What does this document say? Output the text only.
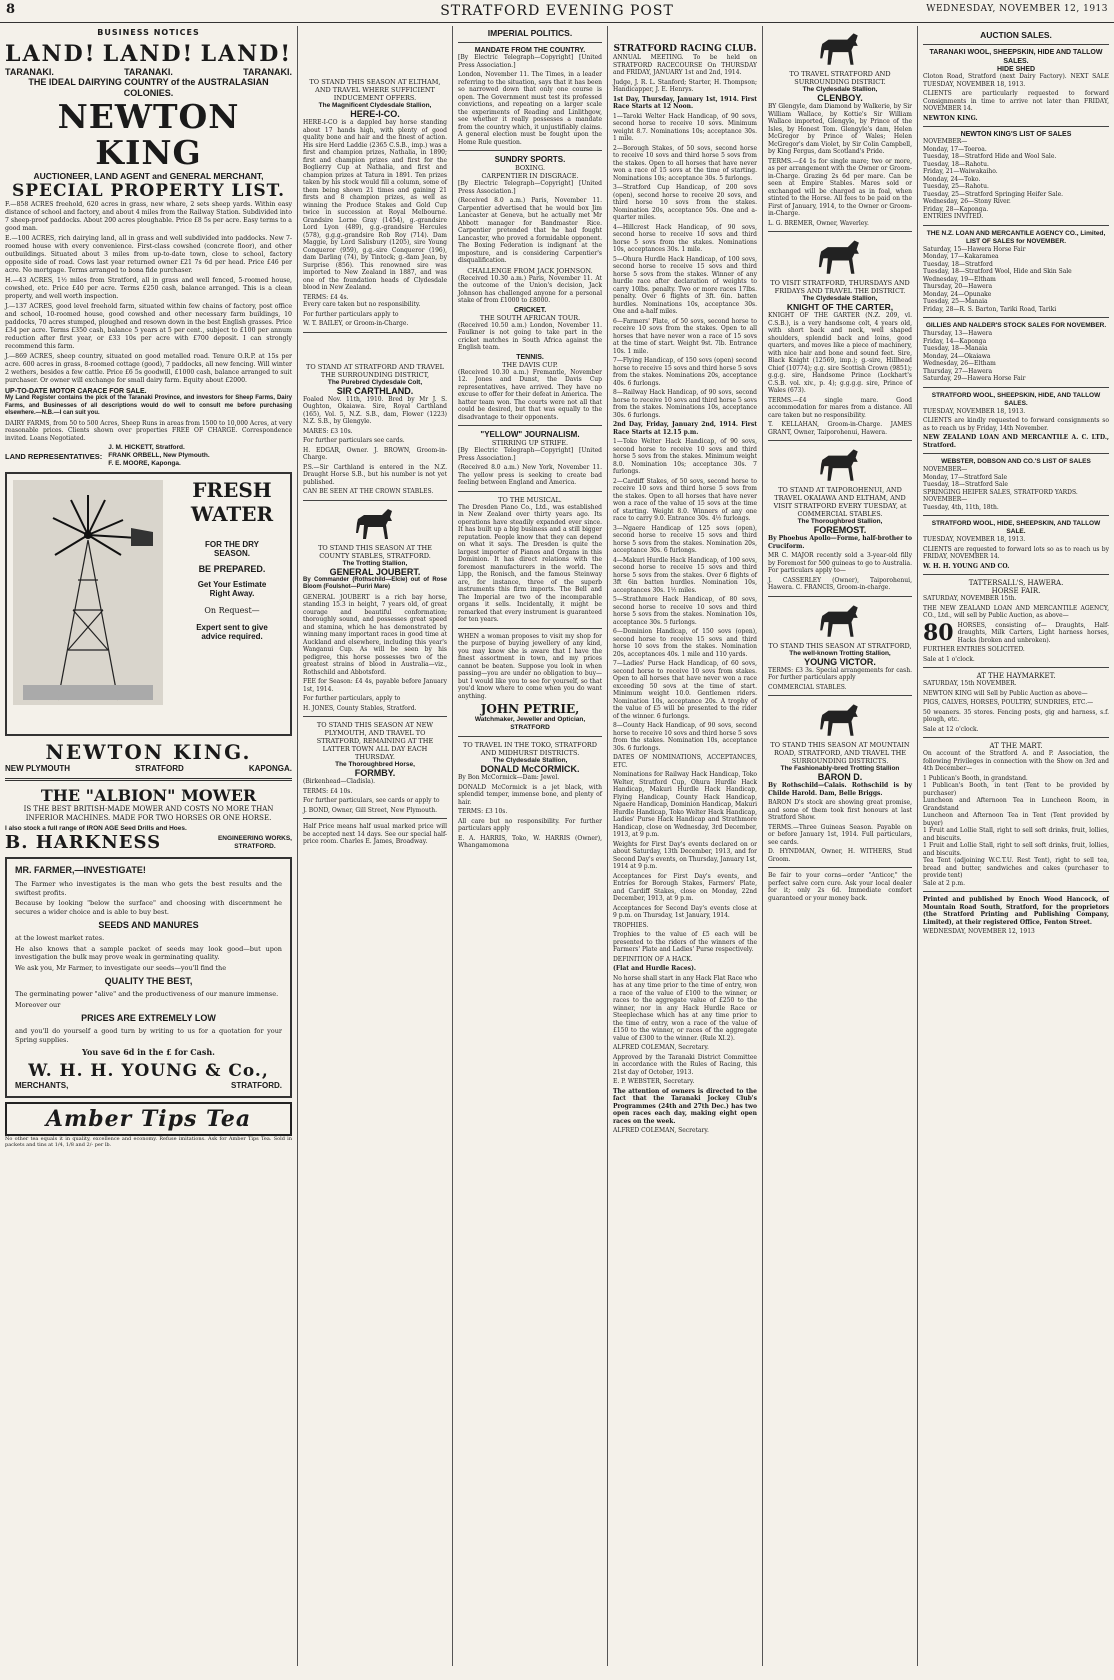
8	STRATFORD EVENING POST	WEDNESDAY, NOVEMBER 12, 1913
BUSINESS NOTICES
LAND! LAND! LAND!
TARANAKI.	TARANAKI.	TARANAKI.
THE IDEAL DAIRYING COUNTRY of the AUSTRALASIAN COLONIES.
NEWTON KING
AUCTIONEER, LAND AGENT and GENERAL MERCHANT,
SPECIAL PROPERTY LIST.

F.—858 ACRES freehold, 620 acres in grass, new whare, 2 sets sheep yards. Within easy distance of school and factory, and about 4 miles from the Railway Station. Subdivided into 7 sheep-proof paddocks. About 200 acres ploughable. Price £8 5s per acre. Easy terms to a good man.

E.—100 ACRES, rich dairying land, all in grass and well subdivided into paddocks. New 7-roomed house with every convenience. First-class cowshed (concrete floor), and other outbuildings. Situated about 3 miles from up-to-date town, close to school, factory opposite side of road. Cows last year returned owner £21 7s 6d per head. Price £46 per acre. No mortgage. Terms arranged to bona fide purchaser.

H.—43 ACRES, 1½ miles from Stratford, all in grass and well fenced, 5-roomed house, cowshed, etc. Price £40 per acre. Terms £250 cash, balance arranged. This is a clean property, and well worth inspection.

J.—137 ACRES, good level freehold farm, situated within few chains of factory, post office and school, 10-roomed house, good cowshed and other necessary farm buildings, 10 paddocks, 70 acres stumped, ploughed and resown down in the best English grasses. Price £34 per acre. Terms £350 cash, balance 5 years at 5 per cent., subject to £100 per annum reduction after first year, or £33 10s per acre with £700 deposit. I can strongly recommend this farm.

J.—869 ACRES, sheep country, situated on good metalled road. Tenure O.R.P. at 15s per acre. 600 acres in grass, 8-roomed cottage (good), 7 paddocks, all new fencing. Will winter 2 wethers, besides a few cattle. Price £6 5s goodwill, £1000 cash, balance arranged to suit purchaser. Or owner will exchange for small dairy farm. Equity about £2000.

UP-TO-DATE MOTOR CARACE FOR SALE.

My Land Register contains the pick of the Taranaki Province, and investors for Sheep Farms, Dairy Farms, and Businesses of all descriptions would do well to consult me before purchasing elsewhere.—N.B.—I can suit you.

DAIRY FARMS, from 50 to 500 Acres, Sheep Runs in areas from 1500 to 10,000 Acres, at very reasonable prices. Clients shown over properties FREE OF CHARGE. Correspondence invited. Loans Negotiated.

LAND REPRESENTATIVES:
J. M. HICKETT, Stratford.
FRANK ORBELL, New Plymouth.
F. E. MOORE, Kaponga.
FRESH
WATER
FOR THE DRY
SEASON.
BE PREPARED.
Get Your Estimate
Right Away.
On Request—
Expert sent to give
advice required.
NEWTON KING.
NEW PLYMOUTH	STRATFORD	KAPONGA.
THE "ALBION" MOWER

IS THE BEST BRITISH-MADE MOWER AND COSTS NO MORE THAN INFERIOR MACHINES. MADE FOR TWO HORSES OR ONE HORSE.

I also stock a full range of IRON AGE Seed Drills and Hoes.
B. HARKNESS	ENGINEERING WORKS,
STRATFORD.
MR. FARMER,—INVESTIGATE!

The Farmer who investigates is the man who gets the best results and the swiftest profits.

Because by looking "below the surface" and choosing with discernment he secures a wider choice and is able to buy best.

SEEDS AND MANURES

at the lowest market rates.

He also knows that a sample packet of seeds may look good—but upon investigation the bulk may prove weak in germinating quality.

We ask you, Mr Farmer, to investigate our seeds—you'll find the

QUALITY THE BEST,

The germinating power "alive" and the productiveness of our manure immense.

Moreover our

PRICES ARE EXTREMELY LOW

and you'll do yourself a good turn by writing to us for a quotation for your Spring supplies.

You save 6d in the £ for Cash.
W. H. H. YOUNG & Co.,
MERCHANTS,	STRATFORD.
Amber Tips Tea

No other tea equals it in quality, excellence and economy. Refuse imitations. Ask for Amber Tips Tea. Sold in packets and tins at 1/4, 1/8 and 2/- per lb.

TO STAND THIS SEASON AT ELTHAM, AND TRAVEL WHERE SUFFICIENT INDUCEMENT OFFERS.
The Magnificent Clydesdale Stallion,
HERE-I-CO.

HERE-I-CO is a dappled bay horse standing about 17 hands high, with plenty of good quality bone and hair and the finest of action. His sire Herd Laddie (2365 C.S.B., imp.) was a first and champion prizes, Nathalia, in 1890; first and champion prizes and first for the Boglierry Cup at Nathalia, and first and champion prizes at Tatura in 1891. Ten prizes taken by his stock would fill a column, some of them being shown 21 times and gaining 21 firsts and 8 champion prizes, as well as winning the Produce Stakes and Gold Cup twice in succession at Royal Melbourne. Grandsire Lorne Gray (1454), g.-grandsire Lord Lyon (489), g.g.-grandsire Hercules (578), g.g.g.-grandsire Rob Roy (714). Dam Maggie, by Lord Salisbury (1205), sire Young Conqueror (959), g.g.-sire Conqueror (196), dam Darling (74), by Tintock; g.-dam Jean, by Surprise (856). This renowned sire was imported to New Zealand in 1887, and was one of the foundation heads of Clydesdale blood in New Zealand.

TERMS: £4 4s.

Every care taken but no responsibility.

For further particulars apply to

W. T. BAILEY, or Groom-in-Charge.

TO STAND AT STRATFORD AND TRAVEL THE SURROUNDING DISTRICT,
The Purebred Clydesdale Colt,
SIR CARTHLAND.

Foaled Nov. 11th, 1910. Bred by Mr J. S. Oughton, Okaiawa. Sire, Royal Carthland (165), Vol. 5, N.Z. S.B., dam, Flower (1223) N.Z. S.B., by Glengyle.

MARES: £3 10s.

For further particulars see cards.

H. EDGAR, Owner. J. BROWN, Groom-in-Charge.

P.S.—Sir Carthland is entered in the N.Z. Draught Horse S.B., but his number is not yet published.

CAN BE SEEN AT THE CROWN STABLES.

TO STAND THIS SEASON AT THE COUNTY STABLES, STRATFORD.
The Trotting Stallion,
GENERAL JOUBERT.

By Commander (Rothschild—Elcie) out of Rose Bloom (Foulshot—Puriri Mare)

GENERAL JOUBERT is a rich bay horse, standing 15.3 in height, 7 years old, of great courage and beautiful conformation; thoroughly sound, and possesses great speed and stamina, which he has demonstrated by winning many important races in good time at Auckland and elsewhere, including this year's Wanganui Cup. As will be seen by his pedigree, this horse possesses two of the greatest strains of blood in Australia—viz., Rothschild and Abbotsford.

FEE for Season: £4 4s, payable before January 1st, 1914.

For further particulars, apply to

H. JONES, County Stables, Stratford.

TO STAND THIS SEASON AT NEW PLYMOUTH, AND TRAVEL TO STRATFORD, REMAINING AT THE LATTER TOWN ALL DAY EACH THURSDAY.
The Thoroughbred Horse,
FORMBY.

(Birkenhead—Cladisla).

TERMS: £4 10s.

For further particulars, see cards or apply to

J. BOND, Owner, Gill Street, New Plymouth.

Half Price means half usual marked price will be accepted next 14 days. See our special half-price room. Charles E. James, Broadway.

IMPERIAL POLITICS.
MANDATE FROM THE COUNTRY.

[By Electric Telegraph—Copyright] [United Press Association.]

London, November 11. The Times, in a leader referring to the situation, says that it has been so narrowed down that only one course is open. The Government must test its professed convictions, and repeating on a larger scale the experiments of Reading and Linlithgow, see whether it really possesses a mandate from the country which, it unjustifiably claims. A general election must be fought upon the Home Rule question.

SUNDRY SPORTS.
BOXING.
CARPENTIER IN DISGRACE.

[By Electric Telegraph—Copyright] [United Press Association.]

(Received 8.0 a.m.) Paris, November 11. Carpentier advertised that he would box Jim Lancaster at Geneva, but he actually met Mr Abbott manager for Bandmaster Rice. Carpentier pretended that he had fought Lancaster, who proved a formidable opponent. The Boxing Federation is indignant at the imposture, and is considering Carpentier's disqualification.

CHALLENGE FROM JACK JOHNSON.

(Received 10.30 a.m.) Paris, November 11. At the outcome of the Union's decision, Jack Johnson has challenged anyone for a personal stake of from £1000 to £8000.

CRICKET.
THE SOUTH AFRICAN TOUR.

(Received 10.50 a.m.) London, November 11. Faulkner is not going to take part in the cricket matches in South Africa against the English team.

TENNIS.
THE DAVIS CUP.

(Received 10.30 a.m.) Fremantle, November 12. Jones and Dunst, the Davis Cup representatives, have arrived. They have no excuse to offer for their defeat in America. The hatter team won. The courts were not all that could be desired, but that was equally to the disadvantage to their opponents.

"YELLOW" JOURNALISM.
STIRRING UP STRIFE.

[By Electric Telegraph—Copyright] [United Press Association.]

(Received 8.0 a.m.) New York, November 11. The yellow press is seeking to create bad feeling between England and America.

TO THE MUSICAL.

The Dresden Piano Co., Ltd., was established in New Zealand over thirty years ago. Its operations have steadily expanded ever since. It has built up a big business and a still bigger reputation. People know that they can depend on what it says. The Dresden is quite the largest importer of Pianos and Organs in this Dominion. It has direct relations with the foremost manufacturers in the world. The Lipp, the Ronisch, and the famous Steinway are, for instance, three of the superb instruments this firm imports. The Bell and The Imperial are two of the incomparable organs it sells. Incidentally, it might be remarked that every instrument is guaranteed for ten years.

WHEN a woman proposes to visit my shop for the purpose of buying jewellery of any kind, you may know she is aware that I have the finest assortment in town, and my prices cannot be beaten. Suppose you look in when passing—you are under no obligation to buy—but I would like you to see for yourself, so that you'd know where to come when you do want anything.

JOHN PETRIE,
Watchmaker, Jeweller and Optician, STRATFORD
TO TRAVEL IN THE TOKO, STRATFORD AND MIDHURST DISTRICTS.
The Clydesdale Stallion,
DONALD McCORMICK.

By Bon McCormick—Dam: Jewel.

DONALD McCormick is a jet black, with splendid temper, immense bone, and plenty of hair.

TERMS: £3 10s.

All care but no responsibility. For further particulars apply

E. A. HARRIS, Toko, W. HARRIS (Owner), Whangamomona

STRATFORD RACING CLUB.

ANNUAL MEETING. To be held on STRATFORD RACECOURSE On THURSDAY and FRIDAY, JANUARY 1st and 2nd, 1914.

Judge, J. R. L. Stanford; Starter, H. Thompson; Handicapper, J. E. Henrys.

1st Day, Thursday, January 1st, 1914. First Race Starts at 12 Noon.

1—Taroki Welter Hack Handicap, of 90 sovs, second horse to receive 10 sovs. Minimum weight 8.7. Nominations 10s; acceptance 30s. 1 mile.

2—Borough Stakes, of 50 sovs, second horse to receive 10 sovs and third horse 5 sovs from the stakes. Open to all horses that have never won a race of 15 sovs at the time of starting. Nominations 10s; acceptance 30s. 5 furlongs.

3—Stratford Cup Handicap, of 200 sovs (open), second horse to receive 20 sovs, and third horse 10 sovs from the stakes. Nomination 20s, acceptance 50s. One and a-quarter miles.

4—Hillcrest Hack Handicap, of 90 sovs, second horse to receive 10 sovs and third horse 5 sovs from the stakes. Nominations 10s, acceptances 30s. 1 mile.

5—Ohura Hurdle Hack Handicap, of 100 sovs, second horse to receive 15 sovs and third horse 5 sovs from the stakes. Winner of any hurdle race after declaration of weights to carry 10lbs. penalty. Two or more races 17lbs. penalty. Over 6 flights of 3ft. 6in. batten hurdles. Nominations 10s, acceptance 30s. One and a-half miles.

6—Farmers' Plate, of 50 sovs, second horse to receive 10 sovs from the stakes. Open to all horses that have never won a race of 15 sovs at the time of start. Weight 9st. 7lb. Entrance 10s. 1 mile.

7—Flying Handicap, of 150 sovs (open) second horse to receive 15 sovs and third horse 5 sovs from the stakes. Nominations 20s, acceptance 40s. 6 furlongs.

8—Railway Hack Handicap, of 90 sovs, second horse to receive 10 sovs and third horse 5 sovs from the stakes. Nominations 10s, acceptance 30s. 6 furlongs.

2nd Day, Friday, January 2nd, 1914. First Race Starts at 12.15 p.m.

1—Toko Welter Hack Handicap, of 90 sovs, second horse to receive 10 sovs and third horse 5 sovs from the stakes. Minimum weight 8.0. Nomination 10s; acceptance 30s. 7 furlongs.

2—Cardiff Stakes, of 50 sovs, second horse to receive 10 sovs and third horse 5 sovs from the stakes. Open to all horses that have never won a race of the value of 15 sovs at the time of starting. Weight 8.0. Winners of any one race to carry 9.0. Entrance 30s. 4½ furlongs.

3—Ngaere Handicap of 125 sovs (open), second horse to receive 15 sovs and third horse 5 sovs from the stakes. Nomination 20s, acceptance 30s. 6 furlongs.

4—Makuri Hurdle Hack Handicap, of 100 sovs, second horse to receive 15 sovs and third horse 5 sovs from the stakes. Over 6 flights of 3ft 6in batten hurdles. Nomination 10s, acceptances 30s. 1½ miles.

5—Strathmore Hack Handicap, of 80 sovs, second horse to receive 10 sovs and third horse 5 sovs from the stakes. Nomination 10s, acceptance 30s. 5 furlongs.

6—Dominion Handicap, of 150 sovs (open), second horse to receive 15 sovs and third horse 10 sovs from the stakes. Nomination 20s, acceptances 40s. 1 mile and 110 yards.

7—Ladies' Purse Hack Handicap, of 60 sovs, second horse to receive 10 sovs from stakes. Open to all horses that have never won a race exceeding 50 sovs at the time of start. Minimum weight 10.0. Gentlemen riders. Nomination 10s, acceptance 20s. A trophy of the value of £5 will be presented to the rider of the winner. 6 furlongs.

8—County Hack Handicap, of 90 sovs, second horse to receive 10 sovs and third horse 5 sovs from the stakes. Nomination 10s, acceptance 30s. 6 furlongs.

DATES OF NOMINATIONS, ACCEPTANCES, ETC.

Nominations for Railway Hack Handicap, Toko Welter, Stratford Cup, Ohura Hurdle Hack Handicap, Makuri Hurdle Hack Handicap, Flying Handicap, County Hack Handicap, Ngaere Handicap, Dominion Handicap, Makuri Hurdle Handicap, Toko Welter Hack Handicap, Ladies' Purse Hack Handicap and Strathmore Handicap, close on Wednesday, 3rd December, 1913, at 9 p.m.

Weights for First Day's events declared on or about Saturday, 13th December, 1913, and for Second Day's events, on Thursday, January 1st, 1914 at 9 p.m.

Acceptances for First Day's events, and Entries for Borough Stakes, Farmers' Plate, and Cardiff Stakes, close on Monday, 22nd December, 1913, at 9 p.m.

Acceptances for Second Day's events close at 9 p.m. on Thursday, 1st January, 1914.

TROPHIES.

Trophies to the value of £5 each will be presented to the riders of the winners of the Farmers' Plate and Ladies' Purse respectively.

DEFINITION OF A HACK.

(Flat and Hurdle Races).

No horse shall start in any Hack Flat Race who has at any time prior to the time of entry, won a race of the value of £100 to the winner, or races to the aggregate value of £250 to the winner, nor in any Hack Hurdle Race or Steeplechase which has at any time prior to the time of entry, won a race of the value of £150 to the winner, or races of the aggregate value of £300 to the winner. (Rule XI.2).

ALFRED COLEMAN, Secretary.

Approved by the Taranaki District Committee in accordance with the Rules of Racing, this 21st day of October, 1913.

E. P. WEBSTER, Secretary.

The attention of owners is directed to the fact that the Taranaki Jockey Club's Programmes (24th and 27th Dec.) has two open races each day, making eight open races on the week.

ALFRED COLEMAN, Secretary.

TO TRAVEL STRATFORD AND SURROUNDING DISTRICT.
The Clydesdale Stallion,
CLENBOY.

BY Glengyle, dam Diamond by Walkerie, by Sir William Wallace, by Kottie's Sir William Wallace imported, Glengyle, by Prince of the Isles, by Honest Tom. Glengyle's dam, Helen McGregor by Prince of Wales; Helen McGregor's dam Violet, by Sir Colin Campbell, by King Fergus, dam Scotland's Pride.

TERMS.—£4 1s for single mare; two or more, as per arrangement with the Owner or Groom-in-Charge. Grazing 2s 6d per mare. Can be seen at Empire Stables. Mares sold or exchanged will be charged as in foal, when stinted to the Horse. All fees to be paid on the First of January, 1914, to the Owner or Groom-in-Charge.

L. G. BREMER, Owner, Waverley.

TO VISIT STRATFORD, THURSDAYS AND FRIDAYS AND TRAVEL THE DISTRICT.
The Clydesdale Stallion,
KNIGHT OF THE CARTER,

KNIGHT OF THE GARTER (N.Z. 209, vl. C.S.B.), is a very handsome colt, 4 years old, with short back and neck, well shaped shoulders, splendid back and loins, good quarters, and moves like a piece of machinery, with nice hair and bone and sound feet. Sire, Black Knight (12569, imp.); g.-sire, Hillhead Chief (10774); g.g. sire Scottish Crown (9851); g.g.g. sire, Handsome Prince (Lockhart's C.S.B. vol. xiv., p. 4); g.g.g.g. sire, Prince of Wales (673).

TERMS.—£4 single mare. Good accommodation for mares from a distance. All care taken but no responsibility.

T. KELLAHAN, Groom-in-Charge. JAMES GRANT, Owner, Taiporohenui, Hawera.

TO STAND AT TAIPOROHENUI, AND TRAVEL OKAIAWA AND ELTHAM, AND VISIT STRATFORD EVERY TUESDAY, at COMMERCIAL STABLES.
The Thoroughbred Stallion,
FOREMOST.

By Phoebus Apollo—Forme, half-brother to Cruciform.

MR C. MAJOR recently sold a 3-year-old filly by Foremost for 500 guineas to go to Australia. For particulars apply to—

J. CASSERLEY (Owner), Taiporohenui, Hawera. C. FRANCIS, Groom-in-charge.

TO STAND THIS SEASON AT STRATFORD,
The well-known Trotting Stallion,
YOUNG VICTOR.

TERMS: £3 3s. Special arrangements for cash. For further particulars apply

COMMERCIAL STABLES.

TO STAND THIS SEASON AT MOUNTAIN ROAD, STRATFORD, AND TRAVEL THE SURROUNDING DISTRICTS.
The Fashionably-bred Trotting Stallion
BARON D.

By Rothschild—Calais. Rothschild is by Childe Harold. Dam, Belle Briggs.

BARON D's stock are showing great promise, and some of them took first honours at last Stratford Show.

TERMS.—Three Guineas Season. Payable on or before January 1st, 1914. Full particulars, see cards.

D. HYNDMAN, Owner, H. WITHERS, Stud Groom.

Be fair to your corns—order "Anticor," the perfect salve corn cure. Ask your local dealer for it; only 2s 6d. Immediate comfort guaranteed or your money back.

AUCTION SALES.
TARANAKI WOOL, SHEEPSKIN, HIDE AND TALLOW SALES.
HIDE SHED

Cloton Road, Stratford (next Dairy Factory). NEXT SALE TUESDAY, NOVEMBER 18, 1913.

CLIENTS are particularly requested to forward Consignments in time to arrive not later than FRIDAY, NOVEMBER 14.

NEWTON KING.

NEWTON KING'S LIST OF SALES
NOVEMBER—
Monday, 17—Toeroa.
Tuesday, 18—Stratford Hide and Wool Sale.
Tuesday, 18—Rahotu.
Friday, 21—Waiwakaiho.
Monday, 24—Toko.
Tuesday, 25—Rahotu.
Tuesday, 25—Stratford Springing Heifer Sale.
Wednesday, 26—Stony River.
Friday, 28—Kaponga.

ENTRIES INVITED.

THE N.Z. LOAN AND MERCANTILE AGENCY CO., Limited, LIST OF SALES for NOVEMBER.
Saturday, 15—Hawera Horse Fair
Monday, 17—Kakaramea
Tuesday, 18—Stratford
Tuesday, 18—Stratford Wool, Hide and Skin Sale
Wednesday, 19—Eltham
Thursday, 20—Hawera
Monday, 24—Opunake
Tuesday, 25—Manaia
Friday, 28—R. S. Barton, Tariki Road, Tariki
GILLIES AND NALDER'S STOCK SALES FOR NOVEMBER.
Thursday, 13—Hawera
Friday, 14—Kaponga
Tuesday, 18—Manaia
Monday, 24—Okaiawa
Wednesday, 26—Eltham
Thursday, 27—Hawera
Saturday, 29—Hawera Horse Fair
STRATFORD WOOL, SHEEPSKIN, HIDE, AND TALLOW SALES.

TUESDAY, NOVEMBER 18, 1913.

CLIENTS are kindly requested to forward consignments so as to reach us by Friday, 14th November.

NEW ZEALAND LOAN AND MERCANTILE A. C. LTD., Stratford.

WEBSTER, DOBSON AND CO.'S LIST OF SALES
NOVEMBER—
Monday, 17—Stratford Sale
Tuesday, 18—Stratford Sale
SPRINGING HEIFER SALES, STRATFORD YARDS.
NOVEMBER—
Tuesday, 4th, 11th, 18th.
STRATFORD WOOL, HIDE, SHEEPSKIN, AND TALLOW SALE.

TUESDAY, NOVEMBER 18, 1913.

CLIENTS are requested to forward lots so as to reach us by FRIDAY, NOVEMBER 14.

W. H. H. YOUNG AND CO.

TATTERSALL'S, HAWERA.
HORSE FAIR.

SATURDAY, NOVEMBER 15th.

THE NEW ZEALAND LOAN AND MERCANTILE AGENCY, CO., Ltd., will sell by Public Auction, as above—

80 HORSES, consisting of— Draughts, Half-draughts, Milk Carters, Light harness horses, Hacks (broken and unbroken).

FURTHER ENTRIES SOLICITED.

Sale at 1 o'clock.

AT THE HAYMARKET.

SATURDAY, 15th NOVEMBER.

NEWTON KING will Sell by Public Auction as above—

PIGS, CALVES, HORSES, POULTRY, SUNDRIES, ETC.—

50 weaners. 35 stores. Fencing posts, gig and harness, s.f. plough, etc.

Sale at 12 o'clock.

AT THE MART.

On account of the Stratford A. and P. Association, the following Privileges in connection with the Show on 3rd and 4th December—

1 Publican's Booth, in grandstand.
1 Publican's Booth, in tent (Tent to be provided by purchaser)
Luncheon and Afternoon Tea in Luncheon Room, in Grandstand
Luncheon and Afternoon Tea in Tent (Tent provided by buyer)
1 Fruit and Lollie Stall, right to sell soft drinks, fruit, lollies, and biscuits.
1 Fruit and Lollie Stall, right to sell soft drinks, fruit, lollies, and biscuits.
Tea Tent (adjoining W.C.T.U. Rest Tent), right to sell tea, bread and butter, sandwiches and cakes (purchaser to provide tent)

Sale at 2 p.m.

Printed and published by Enoch Wood Hancock, of Mountain Road South, Stratford, for the proprietors (the Stratford Printing and Publishing Company, Limited), at their registered Office, Fenton Street.

WEDNESDAY, NOVEMBER 12, 1913
